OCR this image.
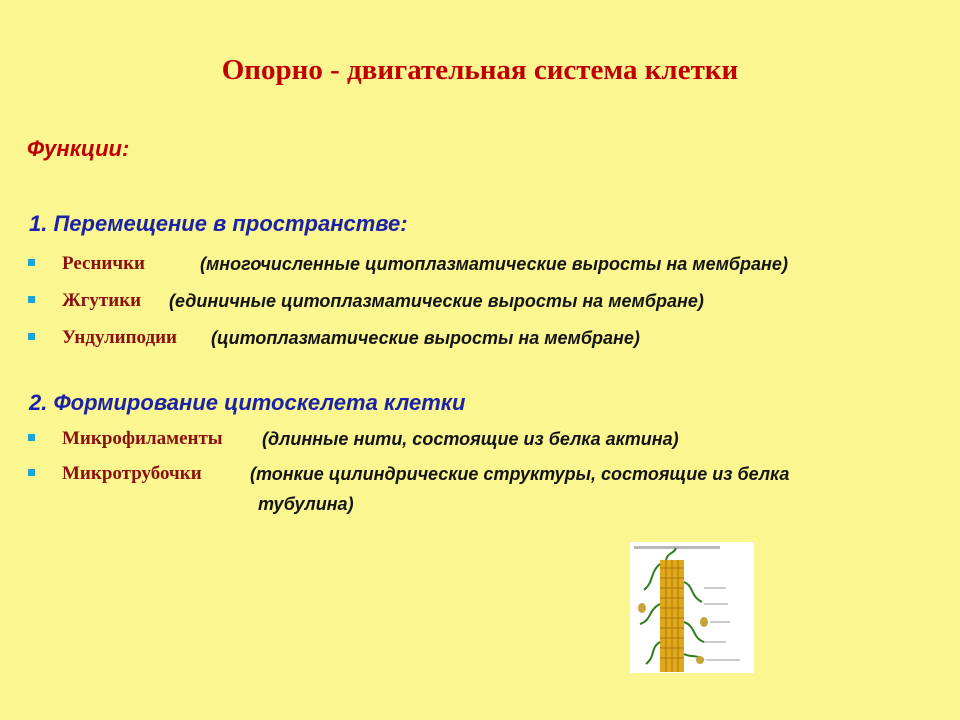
Опорно - двигательная система клетки
Функции:
1. Перемещение в пространстве:
Реснички	(многочисленные цитоплазматические выросты на мембране)
Жгутики (единичные цитоплазматические выросты на мембране)
Ундулиподии (цитоплазматические выросты на мембране)
2. Формирование цитоскелета клетки
Микрофиламенты (длинные нити, состоящие из белка актина)
Микротрубочки	(тонкие цилиндрические структуры, состоящие из белка
тубулина)
